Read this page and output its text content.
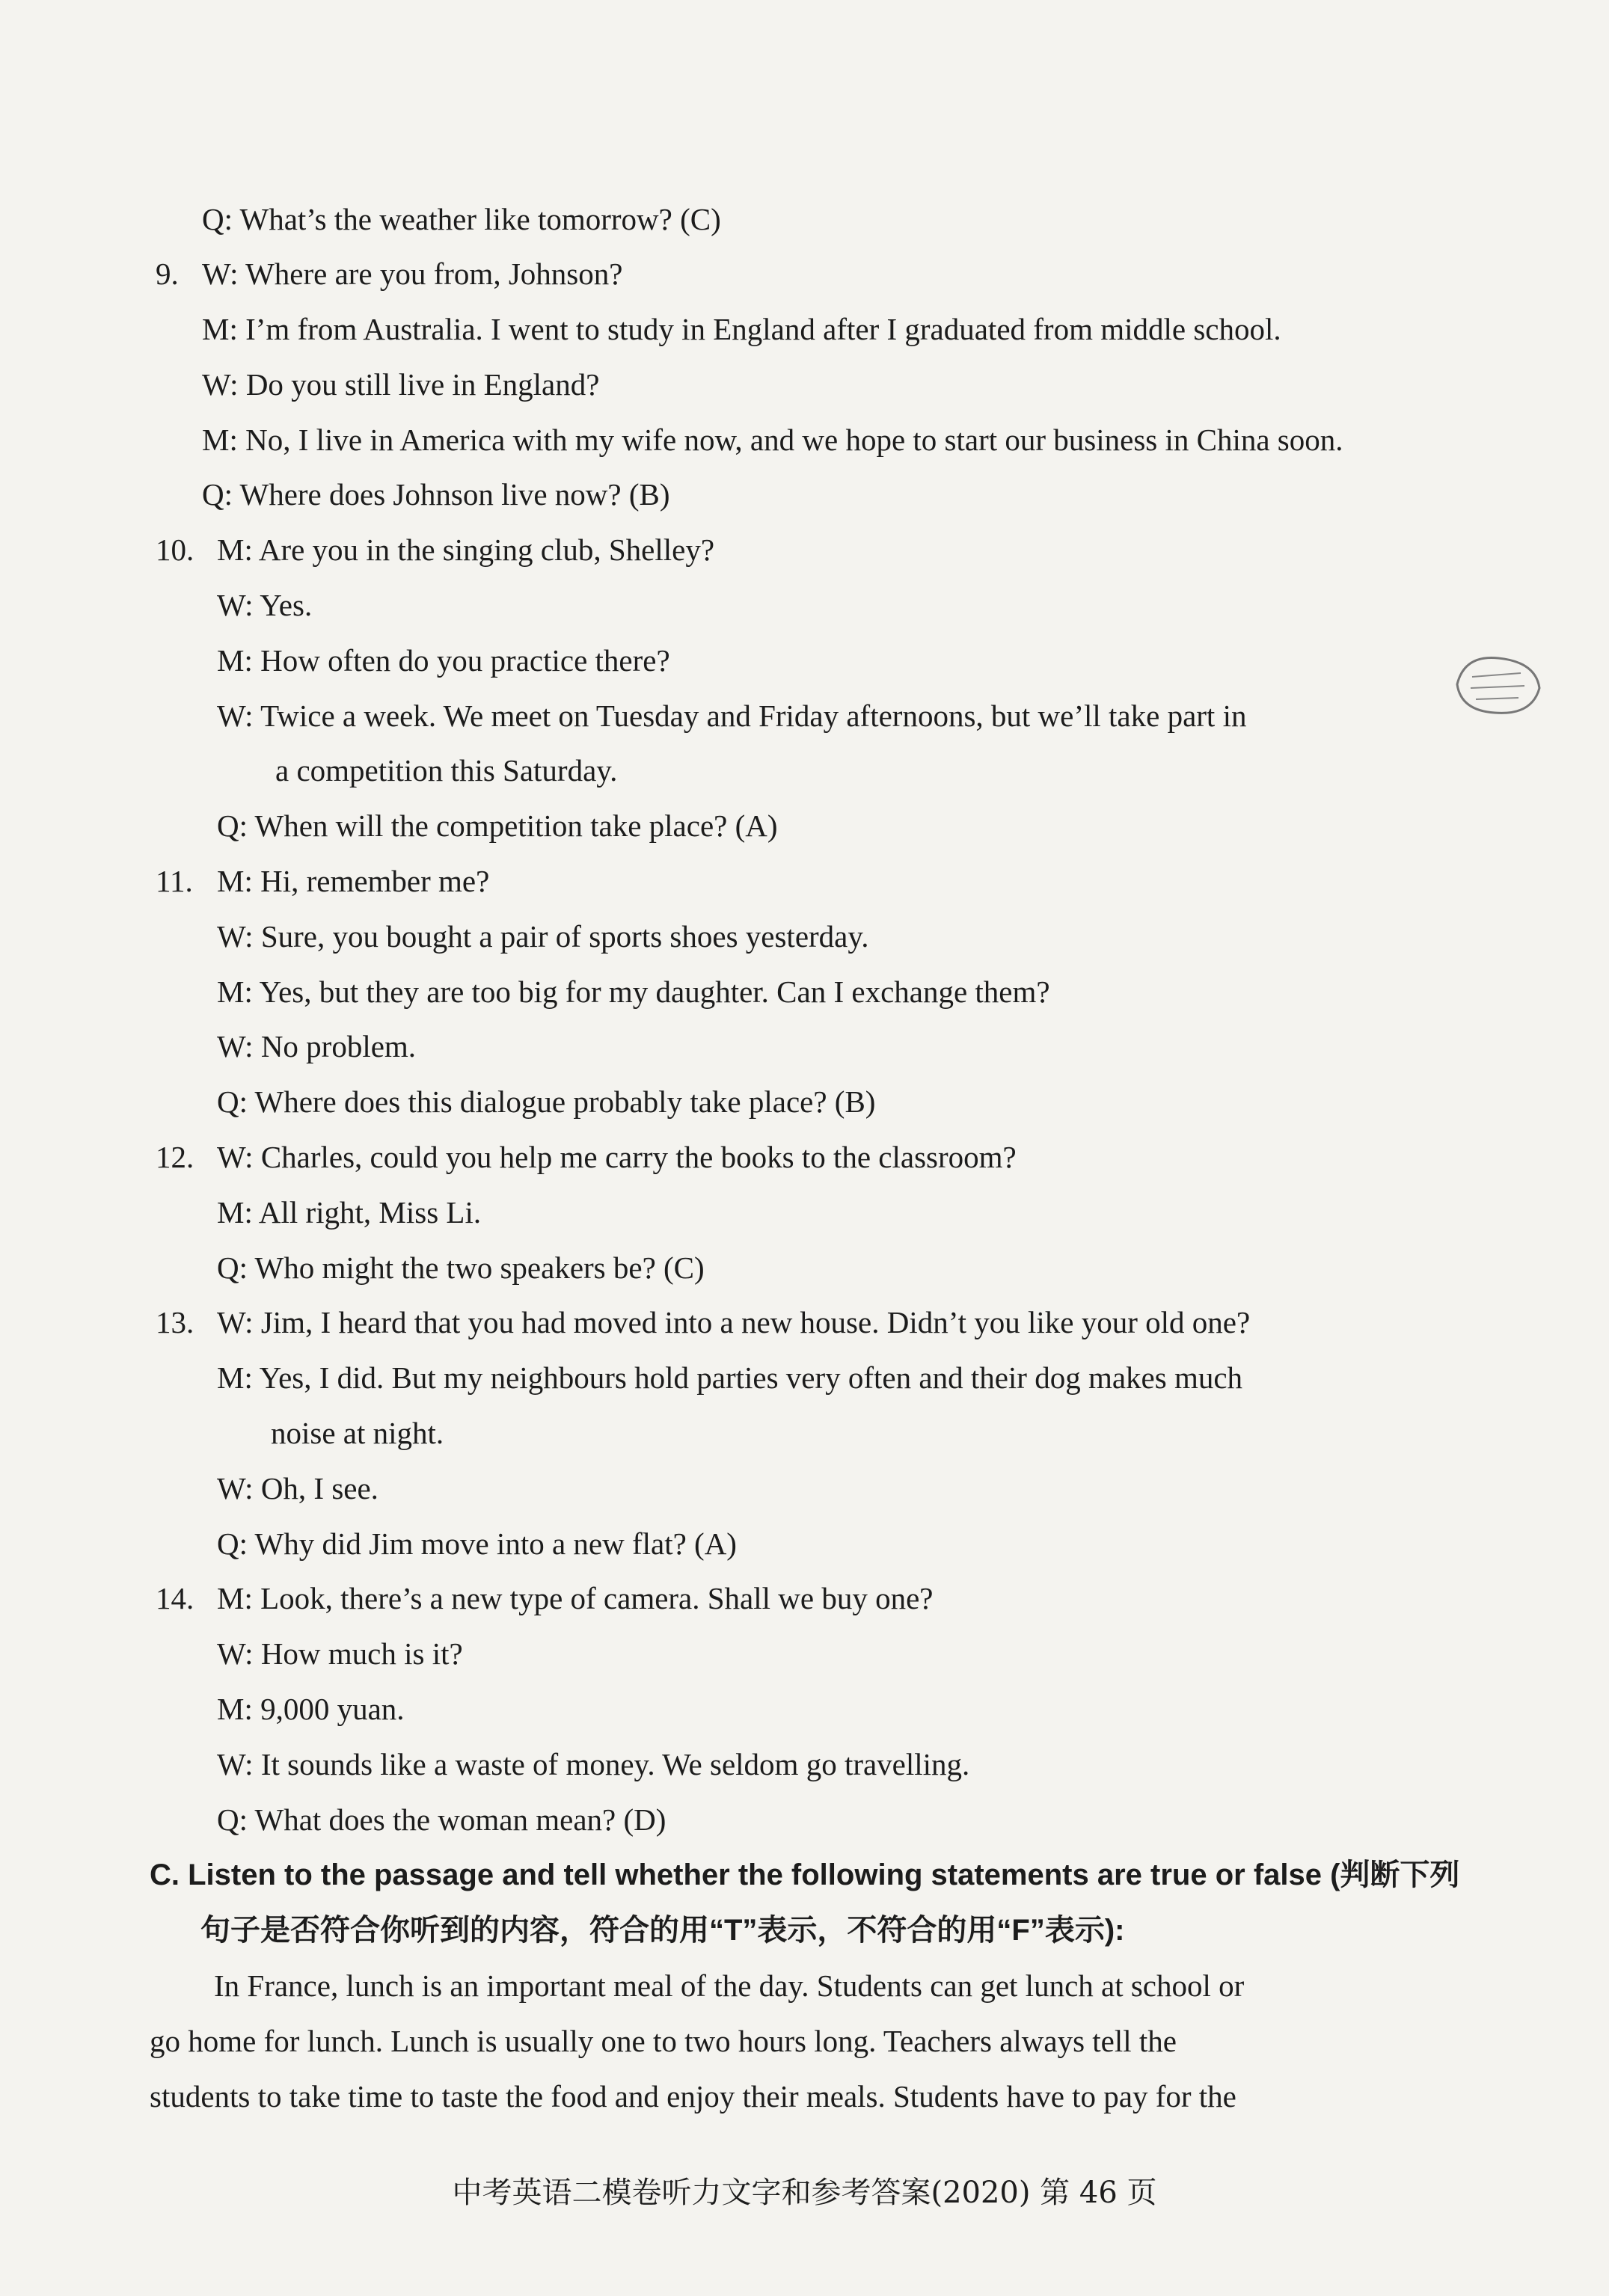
Q: What’s the weather like tomorrow? (C)
9. W: Where are you from, Johnson?
M: I’m from Australia. I went to study in England after I graduated from middle school.
W: Do you still live in England?
M: No, I live in America with my wife now, and we hope to start our business in China soon.
Q: Where does Johnson live now? (B)
10. M: Are you in the singing club, Shelley?
W: Yes.
M: How often do you practice there?
W: Twice a week. We meet on Tuesday and Friday afternoons, but we’ll take part in
a competition this Saturday.
Q: When will the competition take place? (A)
11. M: Hi, remember me?
W: Sure, you bought a pair of sports shoes yesterday.
M: Yes, but they are too big for my daughter. Can I exchange them?
W: No problem.
Q: Where does this dialogue probably take place? (B)
12. W: Charles, could you help me carry the books to the classroom?
M: All right, Miss Li.
Q: Who might the two speakers be? (C)
13. W: Jim, I heard that you had moved into a new house. Didn’t you like your old one?
M: Yes, I did. But my neighbours hold parties very often and their dog makes much
noise at night.
W: Oh, I see.
Q: Why did Jim move into a new flat? (A)
14. M: Look, there’s a new type of camera. Shall we buy one?
W: How much is it?
M: 9,000 yuan.
W: It sounds like a waste of money. We seldom go travelling.
Q: What does the woman mean? (D)
C. Listen to the passage and tell whether the following statements are true or false (判断下列
句子是否符合你听到的内容，符合的用“T”表示，不符合的用“F”表示):
In France, lunch is an important meal of the day. Students can get lunch at school or
go home for lunch. Lunch is usually one to two hours long. Teachers always tell the
students to take time to taste the food and enjoy their meals. Students have to pay for the
中考英语二模卷听力文字和参考答案(2020) 第 46 页
